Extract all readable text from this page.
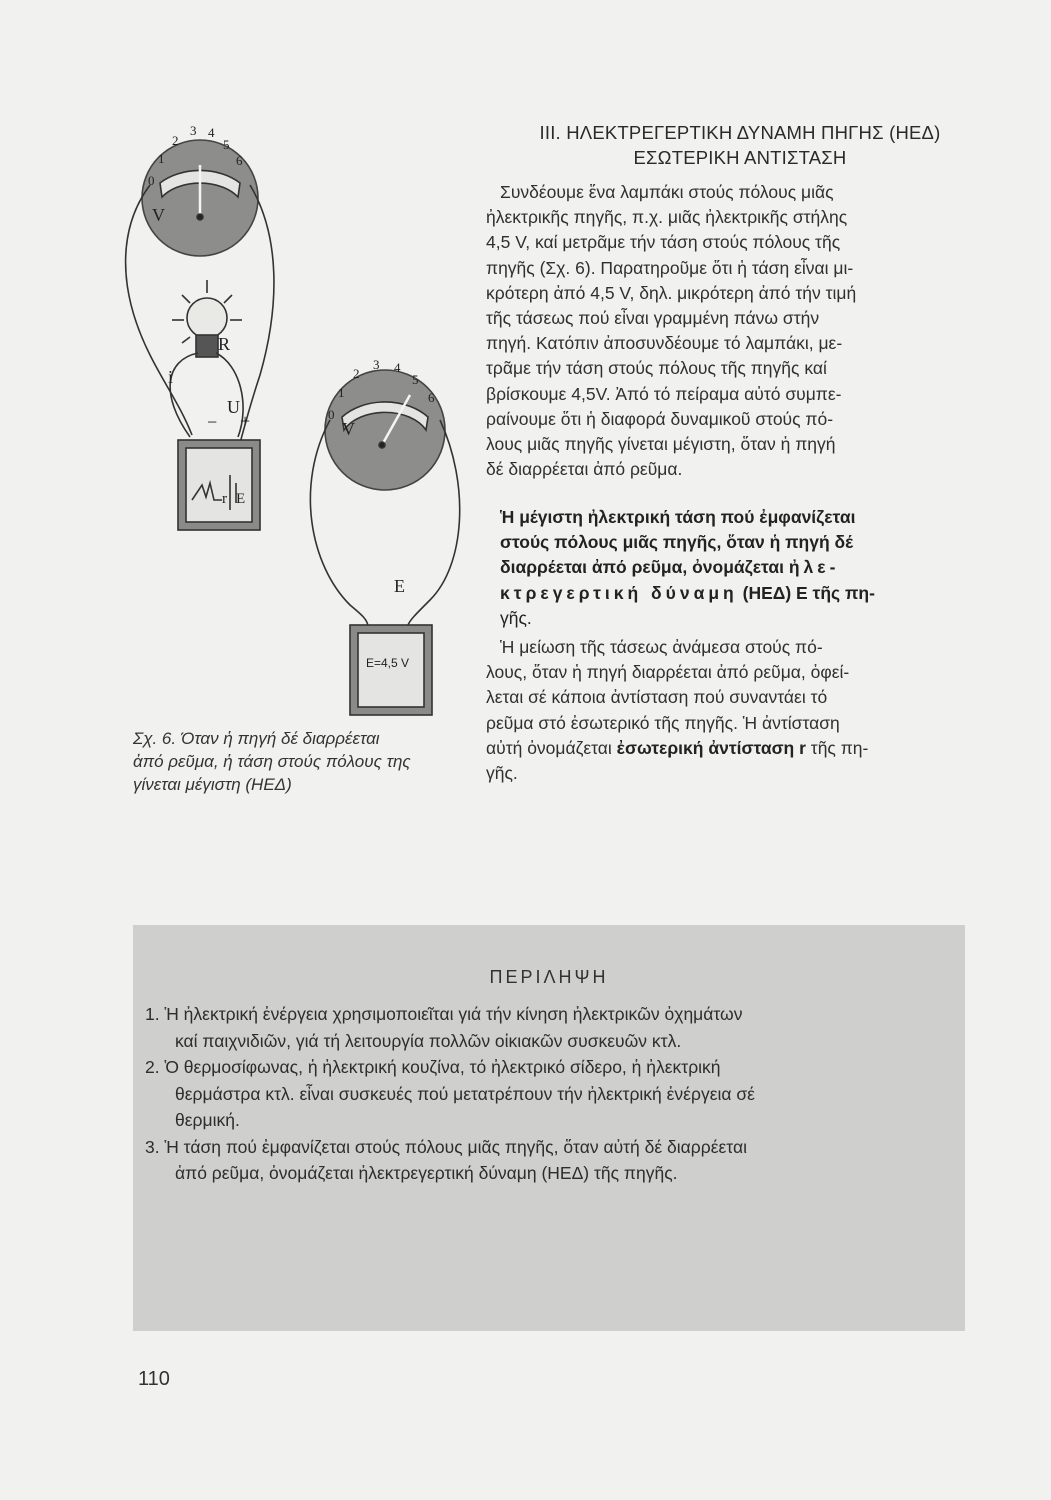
0
1
2
3 4
5
6
V
R
i
U
− +
r E
0
1
2
3 4
5
6
V
E
E=4,5 V
Σχ. 6. Όταν ἡ πηγή δέ διαρρέεται
ἀπό ρεῦμα, ἡ τάση στούς πόλους της
γίνεται μέγιστη (ΗΕΔ)
ΙΙΙ. ΗΛΕΚΤΡΕΓΕΡΤΙΚΗ ΔΥΝΑΜΗ ΠΗΓΗΣ (ΗΕΔ)
ΕΣΩΤΕΡΙΚΗ ΑΝΤΙΣΤΑΣΗ
Συνδέουμε ἕνα λαμπάκι στούς πόλους μιᾶς
ἠλεκτρικῆς πηγῆς, π.χ. μιᾶς ἠλεκτρικῆς στήλης
4,5 V, καί μετρᾶμε τήν τάση στούς πόλους τῆς
πηγῆς (Σχ. 6). Παρατηροῦμε ὅτι ἡ τάση εἶναι μι-
κρότερη ἀπό 4,5 V, δηλ. μικρότερη ἀπό τήν τιμή
τῆς τάσεως πού εἶναι γραμμένη πάνω στήν
πηγή. Κατόπιν ἀποσυνδέουμε τό λαμπάκι, με-
τρᾶμε τήν τάση στούς πόλους τῆς πηγῆς καί
βρίσκουμε 4,5V. Ἀπό τό πείραμα αὐτό συμπε-
ραίνουμε ὅτι ἡ διαφορά δυναμικοῦ στούς πό-
λους μιᾶς πηγῆς γίνεται μέγιστη, ὅταν ἡ πηγή
δέ διαρρέεται ἀπό ρεῦμα.
Ἡ μέγιστη ἠλεκτρική τάση πού ἐμφανίζεται
στούς πόλους μιᾶς πηγῆς, ὅταν ἡ πηγή δέ
διαρρέεται ἀπό ρεῦμα, ὀνομάζεται ἠλε-
κτρεγερτική δύναμη (ΗΕΔ) Ε τῆς πη-
γῆς.
Ἡ μείωση τῆς τάσεως ἀνάμεσα στούς πό-
λους, ὅταν ἡ πηγή διαρρέεται ἀπό ρεῦμα, ὀφεί-
λεται σέ κάποια ἀντίσταση πού συναντάει τό
ρεῦμα στό ἐσωτερικό τῆς πηγῆς. Ἡ ἀντίσταση
αὐτή ὀνομάζεται ἐσωτερική ἀντίσταση r τῆς πη-
γῆς.
ΠΕΡΙΛΗΨΗ
1. Ἡ ἠλεκτρική ἐνέργεια χρησιμοποιεῖται γιά τήν κίνηση ἠλεκτρικῶν ὀχημάτων
καί παιχνιδιῶν, γιά τή λειτουργία πολλῶν οἰκιακῶν συσκευῶν κτλ.
2. Ὁ θερμοσίφωνας, ἡ ἠλεκτρική κουζίνα, τό ἠλεκτρικό σίδερο, ἡ ἠλεκτρική
θερμάστρα κτλ. εἶναι συσκευές πού μετατρέπουν τήν ἠλεκτρική ἐνέργεια σέ
θερμική.
3. Ἡ τάση πού ἐμφανίζεται στούς πόλους μιᾶς πηγῆς, ὅταν αὐτή δέ διαρρέεται
ἀπό ρεῦμα, ὀνομάζεται ἠλεκτρεγερτική δύναμη (ΗΕΔ) τῆς πηγῆς.
110
